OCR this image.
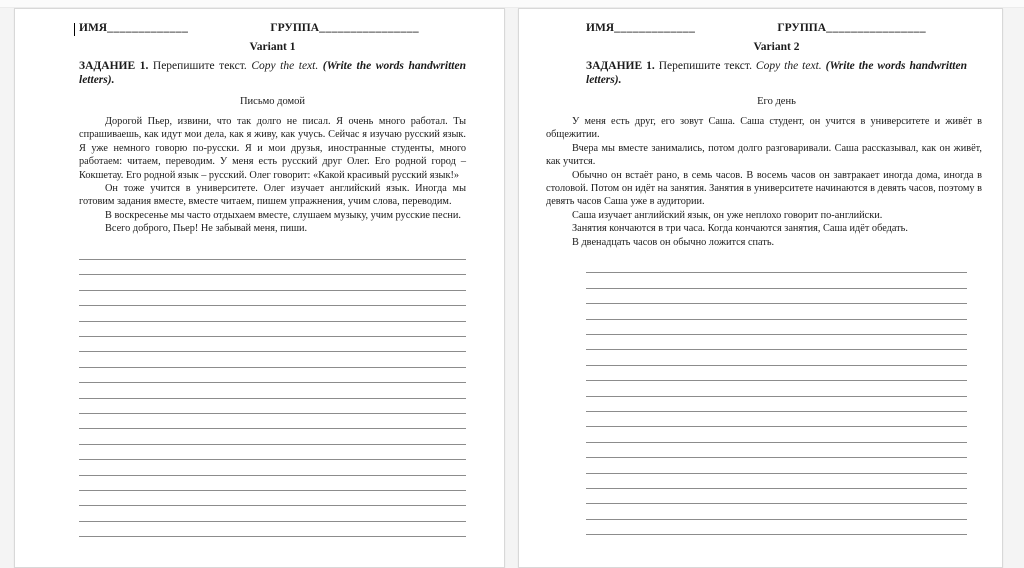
ИМЯ _____________	ГРУППА________________
Variant 1
ЗАДАНИЕ 1. Перепишите текст. Copy the text. (Write the words handwritten letters).
Письмо домой

Дорогой Пьер, извини, что так долго не писал. Я очень много работал. Ты спрашиваешь, как идут мои дела, как я живу, как учусь. Сейчас я изучаю русский язык. Я уже немного говорю по-русски. Я и мои друзья, иностранные студенты, много работаем: читаем, переводим. У меня есть русский друг Олег. Его родной город – Кокшетау. Его родной язык – русский. Олег говорит: «Какой красивый русский язык!»

Он тоже учится в университете. Олег изучает английский язык. Иногда мы готовим задания вместе, вместе читаем, пишем упражнения, учим слова, переводим.

В воскресенье мы часто отдыхаем вместе, слушаем музыку, учим русские песни.

Всего доброго, Пьер! Не забывай меня, пиши.

ИМЯ _____________	ГРУППА________________
Variant 2
ЗАДАНИЕ 1. Перепишите текст. Copy the text. (Write the words handwritten letters).
Его день

У меня есть друг, его зовут Саша. Саша студент, он учится в университете и живёт в общежитии.

Вчера мы вместе занимались, потом долго разговаривали. Саша рассказывал, как он живёт, как учится.

Обычно он встаёт рано, в семь часов. В восемь часов он завтракает иногда дома, иногда в столовой. Потом он идёт на занятия. Занятия в университете начинаются в девять часов, поэтому в девять часов Саша уже в аудитории.

Саша изучает английский язык, он уже неплохо говорит по-английски.

Занятия кончаются в три часа. Когда кончаются занятия, Саша идёт обедать.

В двенадцать часов он обычно ложится спать.
